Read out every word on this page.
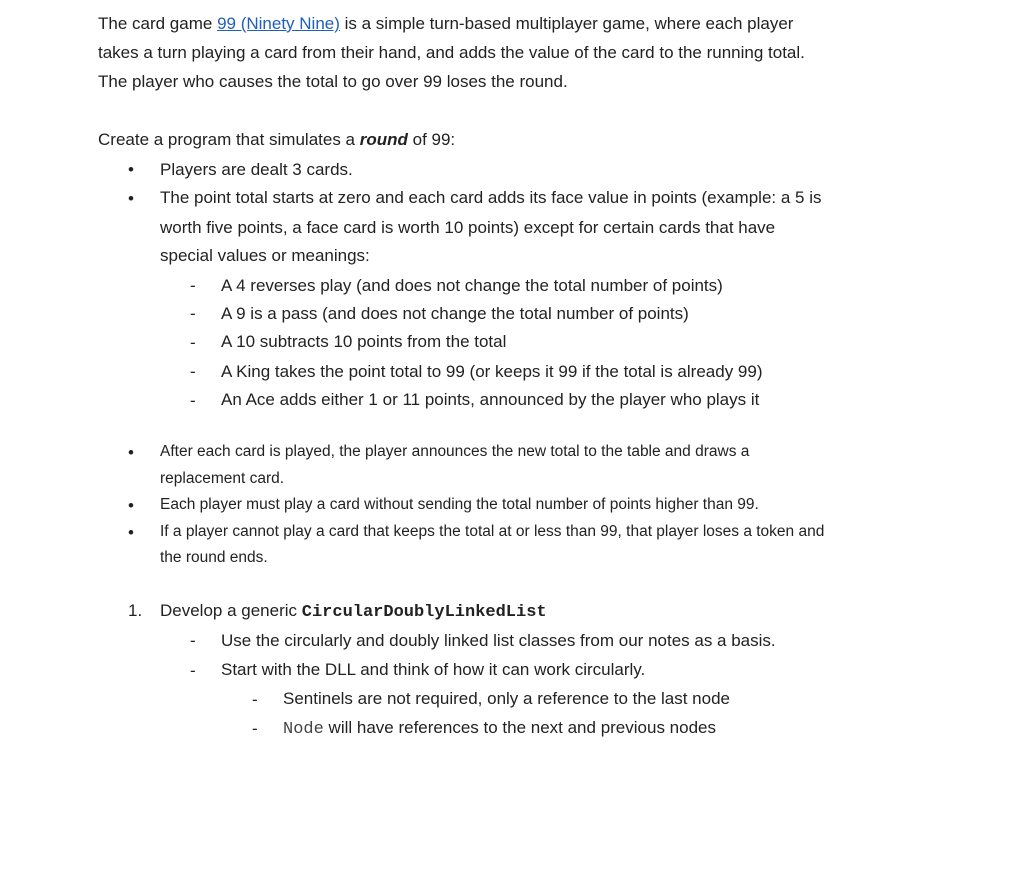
The card game 99 (Ninety Nine) is a simple turn-based multiplayer game, where each player
takes a turn playing a card from their hand, and adds the value of the card to the running total.
The player who causes the total to go over 99 loses the round.
Create a program that simulates a round of 99:
• Players are dealt 3 cards.
• The point total starts at zero and each card adds its face value in points (example: a 5 is
worth five points, a face card is worth 10 points) except for certain cards that have
special values or meanings:
- A 4 reverses play (and does not change the total number of points)
- A 9 is a pass (and does not change the total number of points)
- A 10 subtracts 10 points from the total
- A King takes the point total to 99 (or keeps it 99 if the total is already 99)
- An Ace adds either 1 or 11 points, announced by the player who plays it
• After each card is played, the player announces the new total to the table and draws a
replacement card.
• Each player must play a card without sending the total number of points higher than 99.
• If a player cannot play a card that keeps the total at or less than 99, that player loses a token and
the round ends.
1. Develop a generic CircularDoublyLinkedList
- Use the circularly and doubly linked list classes from our notes as a basis.
- Start with the DLL and think of how it can work circularly.
- Sentinels are not required, only a reference to the last node
- Node will have references to the next and previous nodes
